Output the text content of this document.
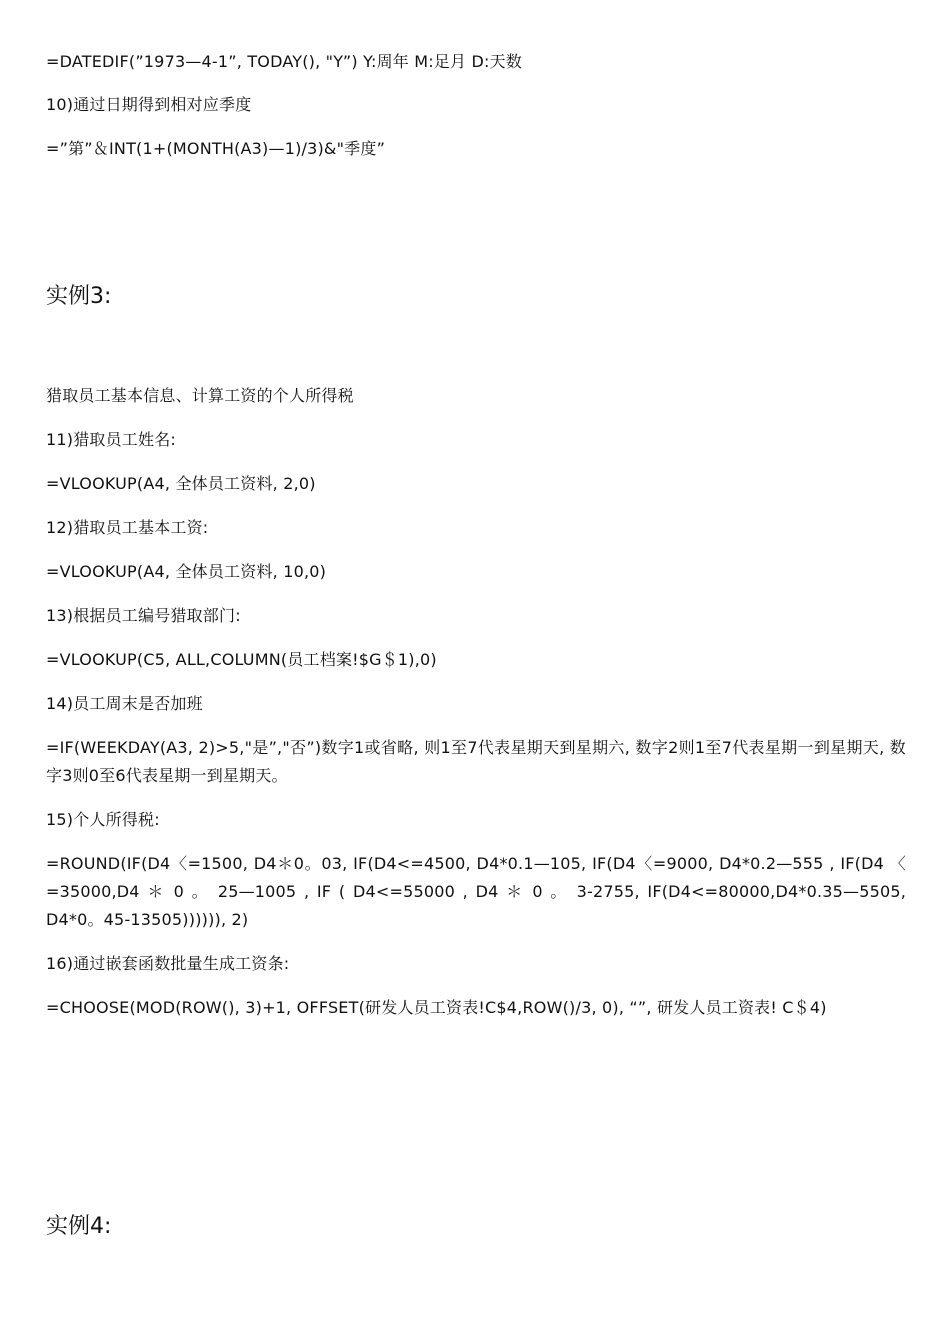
=DATEDIF(”1973—4-1”, TODAY(), "Y”) Y:周年 M:足月 D:天数
10)通过日期得到相对应季度
=”第”＆INT(1+(MONTH(A3)—1)/3)&"季度”
实例3:
猎取员工基本信息、计算工资的个人所得税
11)猎取员工姓名:
=VLOOKUP(A4, 全体员工资料, 2,0)
12)猎取员工基本工资:
=VLOOKUP(A4, 全体员工资料, 10,0)
13)根据员工编号猎取部门:
=VLOOKUP(C5, ALL,COLUMN(员工档案!$G＄1),0)
14)员工周末是否加班
=IF(WEEKDAY(A3, 2)>5,"是”,"否”)数字1或省略, 则1至7代表星期天到星期六, 数字2则1至7代表星期一到星期天, 数字3则0至6代表星期一到星期天。
15)个人所得税:
=ROUND(IF(D4〈=1500, D4＊0。03, IF(D4<=4500, D4*0.1—105, IF(D4〈=9000, D4*0.2—555 , IF(D4 〈 =35000,D4 ＊ 0 。 25—1005 , IF ( D4<=55000 , D4 ＊ 0 。 3-2755, IF(D4<=80000,D4*0.35—5505, D4*0。45-13505)))))), 2)
16)通过嵌套函数批量生成工资条:
=CHOOSE(MOD(ROW(), 3)+1, OFFSET(研发人员工资表!C$4,ROW()/3, 0), “”, 研发人员工资表! C＄4)
实例4:
